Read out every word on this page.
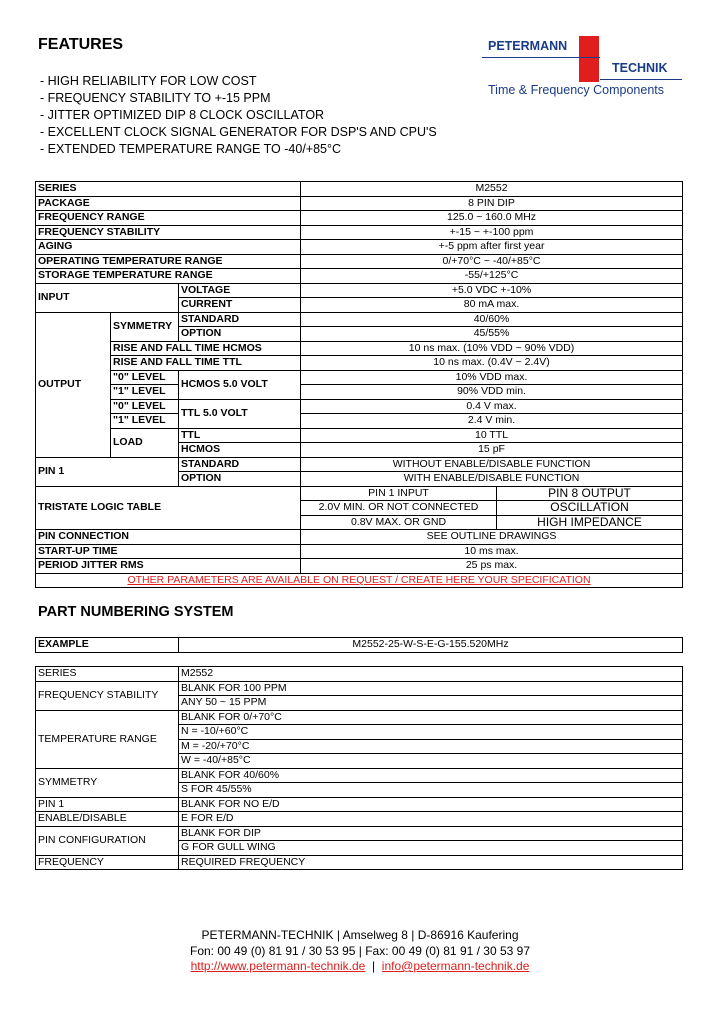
FEATURES
- HIGH RELIABILITY FOR LOW COST
- FREQUENCY STABILITY TO +-15 PPM
- JITTER OPTIMIZED DIP 8 CLOCK OSCILLATOR
- EXCELLENT CLOCK SIGNAL GENERATOR FOR DSP'S AND CPU'S
- EXTENDED TEMPERATURE RANGE TO -40/+85°C
PETERMANN
TECHNIK
Time & Frequency Components
SERIES			M2552	
PACKAGE			8 PIN DIP	
FREQUENCY RANGE			125.0 ~ 160.0 MHz	
FREQUENCY STABILITY			+-15 ~ +-100 ppm	
AGING			+-5 ppm after first year	
OPERATING TEMPERATURE RANGE			0/+70°C ~ -40/+85°C	
STORAGE TEMPERATURE RANGE			-55/+125°C	
INPUT		VOLTAGE	+5.0 VDC +-10%	
		CURRENT	80 mA max.	
OUTPUT	SYMMETRY	STANDARD	40/60%	
		OPTION	45/55%	
	RISE AND FALL TIME HCMOS		10 ns max. (10% VDD ~ 90% VDD)	
	RISE AND FALL TIME TTL		10 ns max. (0.4V ~ 2.4V)	
	"0" LEVEL	HCMOS 5.0 VOLT	10% VDD max.	
	"1" LEVEL		90% VDD min.	
	"0" LEVEL	TTL 5.0 VOLT	0.4 V max.	
	"1" LEVEL		2.4 V min.	
	LOAD	TTL	10 TTL	
		HCMOS	15 pF	
PIN 1		STANDARD	WITHOUT ENABLE/DISABLE FUNCTION	
		OPTION	WITH ENABLE/DISABLE FUNCTION	
TRISTATE LOGIC TABLE			PIN 1 INPUT	PIN 8 OUTPUT
			2.0V MIN. OR NOT CONNECTED	OSCILLATION
			0.8V MAX. OR GND	HIGH IMPEDANCE
PIN CONNECTION			SEE OUTLINE DRAWINGS	
START-UP TIME			10 ms max.	
PERIOD JITTER RMS			25 ps max.	
OTHER PARAMETERS ARE AVAILABLE ON REQUEST / CREATE HERE YOUR SPECIFICATION				
PART NUMBERING SYSTEM
EXAMPLE	M2552-25-W-S-E-G-155.520MHz
SERIES	M2552
FREQUENCY STABILITY	BLANK FOR 100 PPM
	ANY 50 ~ 15 PPM
TEMPERATURE RANGE	BLANK FOR 0/+70°C
	N = -10/+60°C
	M = -20/+70°C
	W = -40/+85°C
SYMMETRY	BLANK FOR 40/60%
	S FOR 45/55%
PIN 1	BLANK FOR NO E/D
ENABLE/DISABLE	E FOR E/D
PIN CONFIGURATION	BLANK FOR DIP
	G FOR GULL WING
FREQUENCY	REQUIRED FREQUENCY
PETERMANN-TECHNIK | Amselweg 8 | D-86916 Kaufering
Fon: 00 49 (0) 81 91 / 30 53 95 | Fax: 00 49 (0) 81 91 / 30 53 97
http://www.petermann-technik.de  |  info@petermann-technik.de
